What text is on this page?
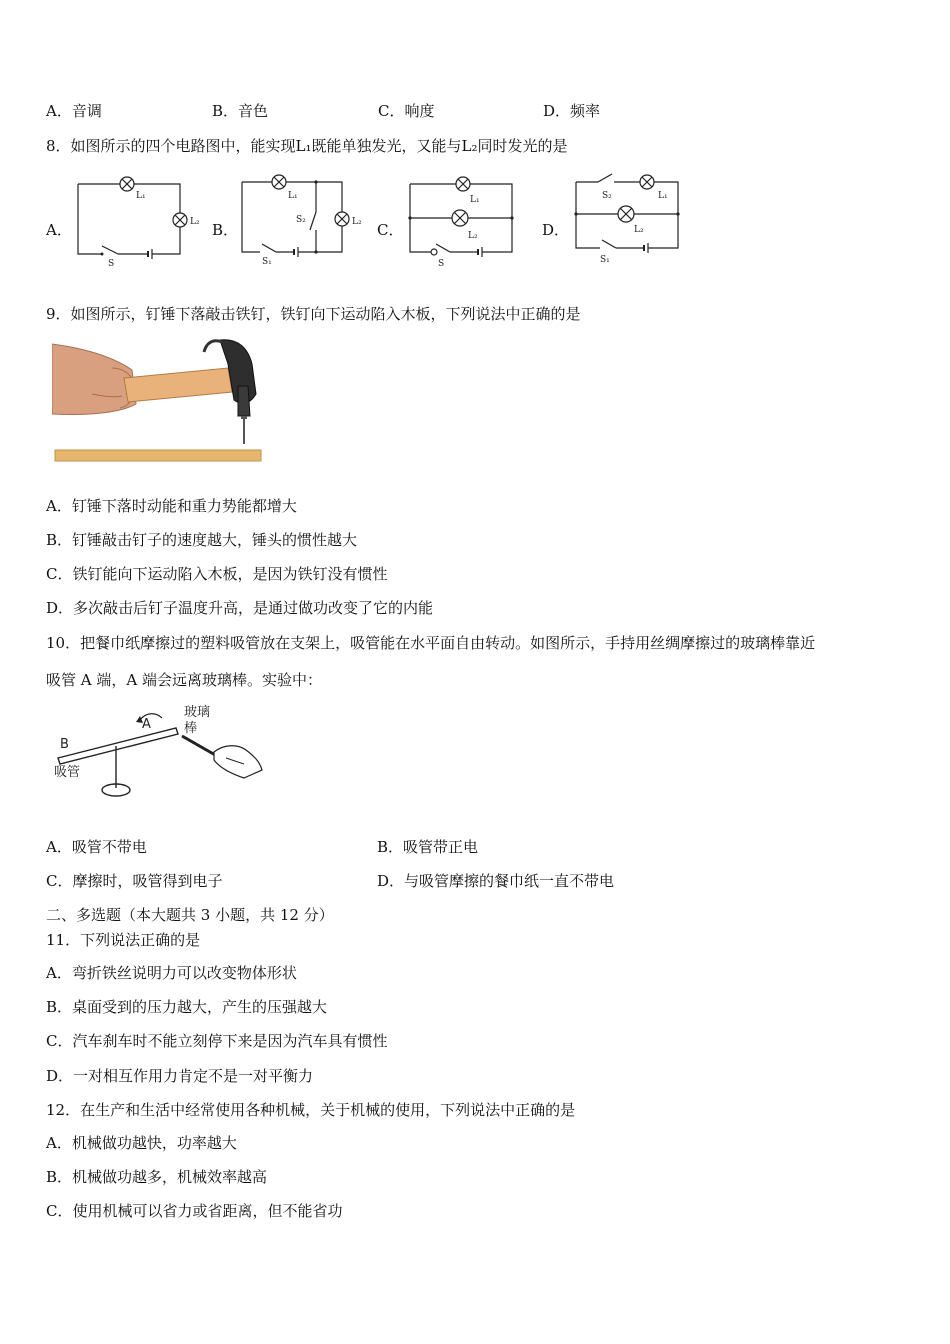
A．音调	B．音色	C．响度	D．频率
8．如图所示的四个电路图中，能实现L₁既能单独发光，又能与L₂同时发光的是
A．	B．	C．	D．
L₁
L₂
S
L₁
S₂	L₂
S₁
L₁
L₂
S
S₂	L₁
L₂
S₁
9．如图所示，钉锤下落敲击铁钉，铁钉向下运动陷入木板，下列说法中正确的是
A．钉锤下落时动能和重力势能都增大
B．钉锤敲击钉子的速度越大，锤头的惯性越大
C．铁钉能向下运动陷入木板，是因为铁钉没有惯性
D．多次敲击后钉子温度升高，是通过做功改变了它的内能
10．把餐巾纸摩擦过的塑料吸管放在支架上，吸管能在水平面自由转动。如图所示，手持用丝绸摩擦过的玻璃棒靠近
吸管 A 端，A 端会远离玻璃棒。实验中：
B
A
吸管
玻璃
棒
A．吸管不带电	B．吸管带正电
C．摩擦时，吸管得到电子	D．与吸管摩擦的餐巾纸一直不带电
二、多选题（本大题共 3 小题，共 12 分）
11．下列说法正确的是
A．弯折铁丝说明力可以改变物体形状
B．桌面受到的压力越大，产生的压强越大
C．汽车刹车时不能立刻停下来是因为汽车具有惯性
D．一对相互作用力肯定不是一对平衡力
12．在生产和生活中经常使用各种机械，关于机械的使用，下列说法中正确的是
A．机械做功越快，功率越大
B．机械做功越多，机械效率越高
C．使用机械可以省力或省距离，但不能省功
